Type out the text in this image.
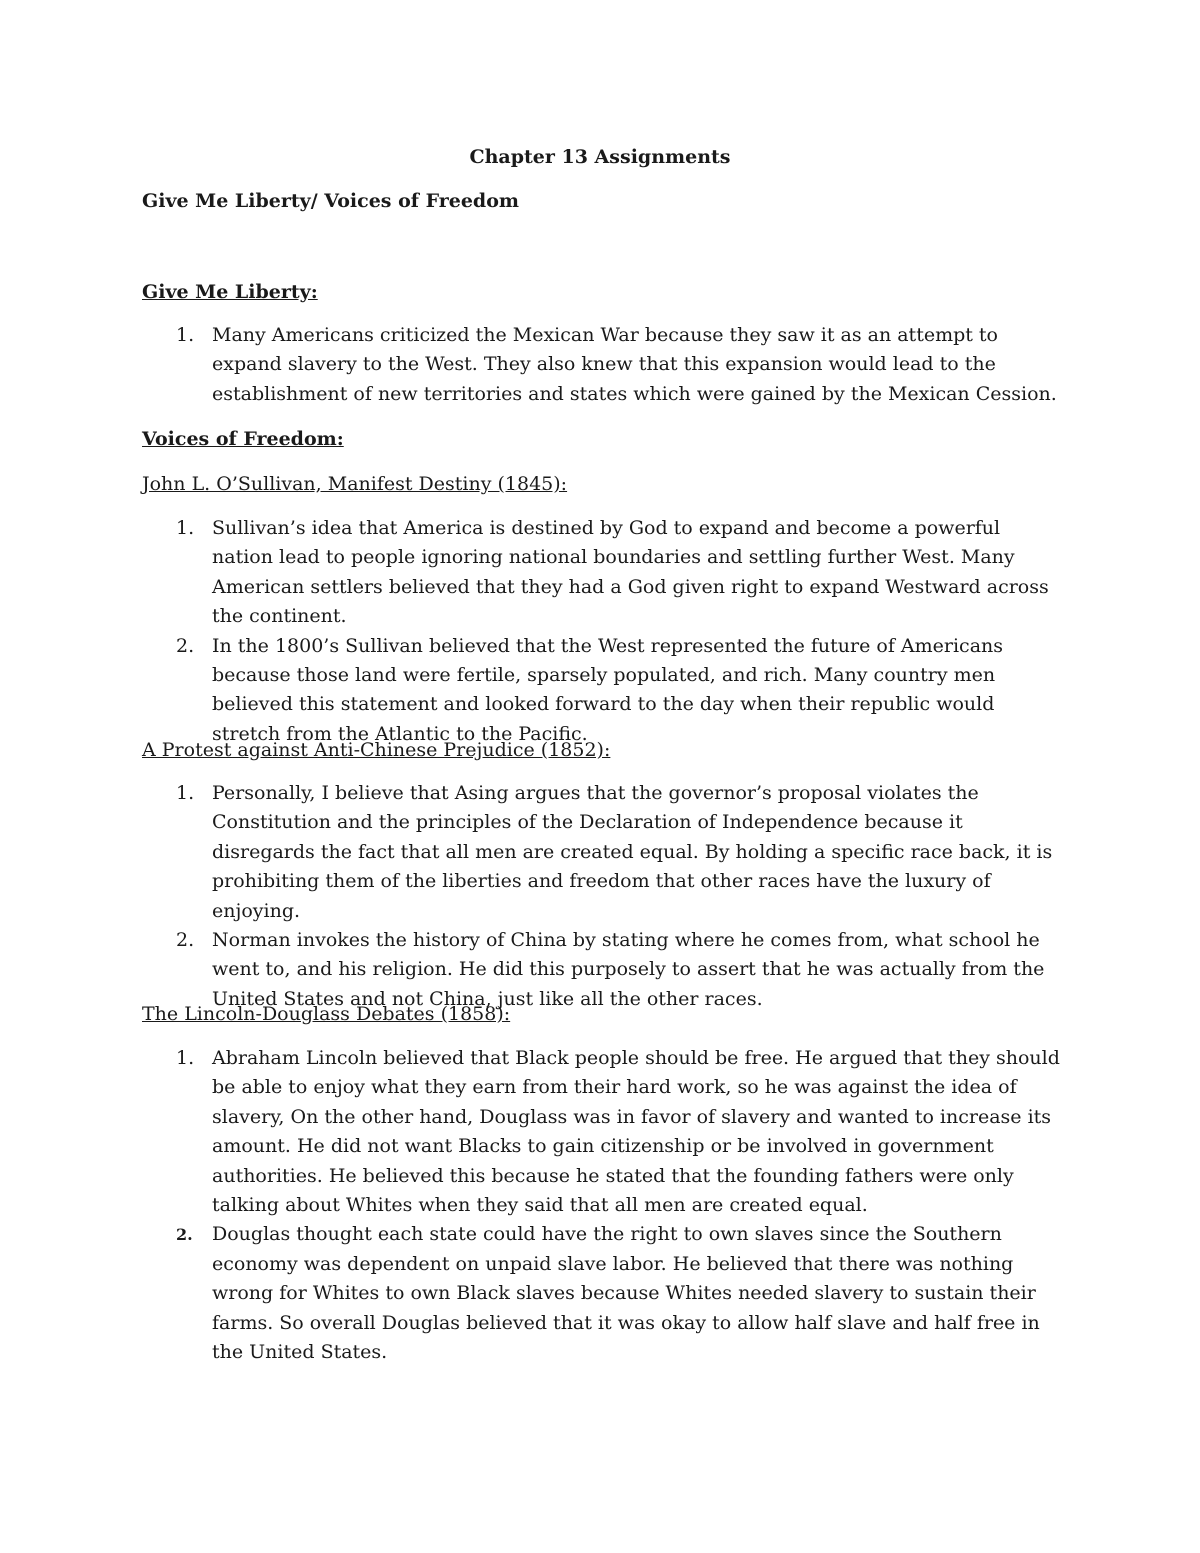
Chapter 13 Assignments
Give Me Liberty/ Voices of Freedom
Give Me Liberty:
1. Many Americans criticized the Mexican War because they saw it as an attempt to expand slavery to the West. They also knew that this expansion would lead to the establishment of new territories and states which were gained by the Mexican Cession.
Voices of Freedom:
John L. O’Sullivan, Manifest Destiny (1845):
1. Sullivan’s idea that America is destined by God to expand and become a powerful nation lead to people ignoring national boundaries and settling further West. Many American settlers believed that they had a God given right to expand Westward across the continent.
2. In the 1800’s Sullivan believed that the West represented the future of Americans because those land were fertile, sparsely populated, and rich. Many country men believed this statement and looked forward to the day when their republic would stretch from the Atlantic to the Pacific.
A Protest against Anti-Chinese Prejudice (1852):
1. Personally, I believe that Asing argues that the governor’s proposal violates the Constitution and the principles of the Declaration of Independence because it disregards the fact that all men are created equal. By holding a specific race back, it is prohibiting them of the liberties and freedom that other races have the luxury of enjoying.
2. Norman invokes the history of China by stating where he comes from, what school he went to, and his religion. He did this purposely to assert that he was actually from the United States and not China, just like all the other races.
The Lincoln-Douglass Debates (1858):
1. Abraham Lincoln believed that Black people should be free. He argued that they should be able to enjoy what they earn from their hard work, so he was against the idea of slavery, On the other hand, Douglass was in favor of slavery and wanted to increase its amount. He did not want Blacks to gain citizenship or be involved in government authorities. He believed this because he stated that the founding fathers were only talking about Whites when they said that all men are created equal.
2. Douglas thought each state could have the right to own slaves since the Southern economy was dependent on unpaid slave labor. He believed that there was nothing wrong for Whites to own Black slaves because Whites needed slavery to sustain their farms. So overall Douglas believed that it was okay to allow half slave and half free in the United States.
